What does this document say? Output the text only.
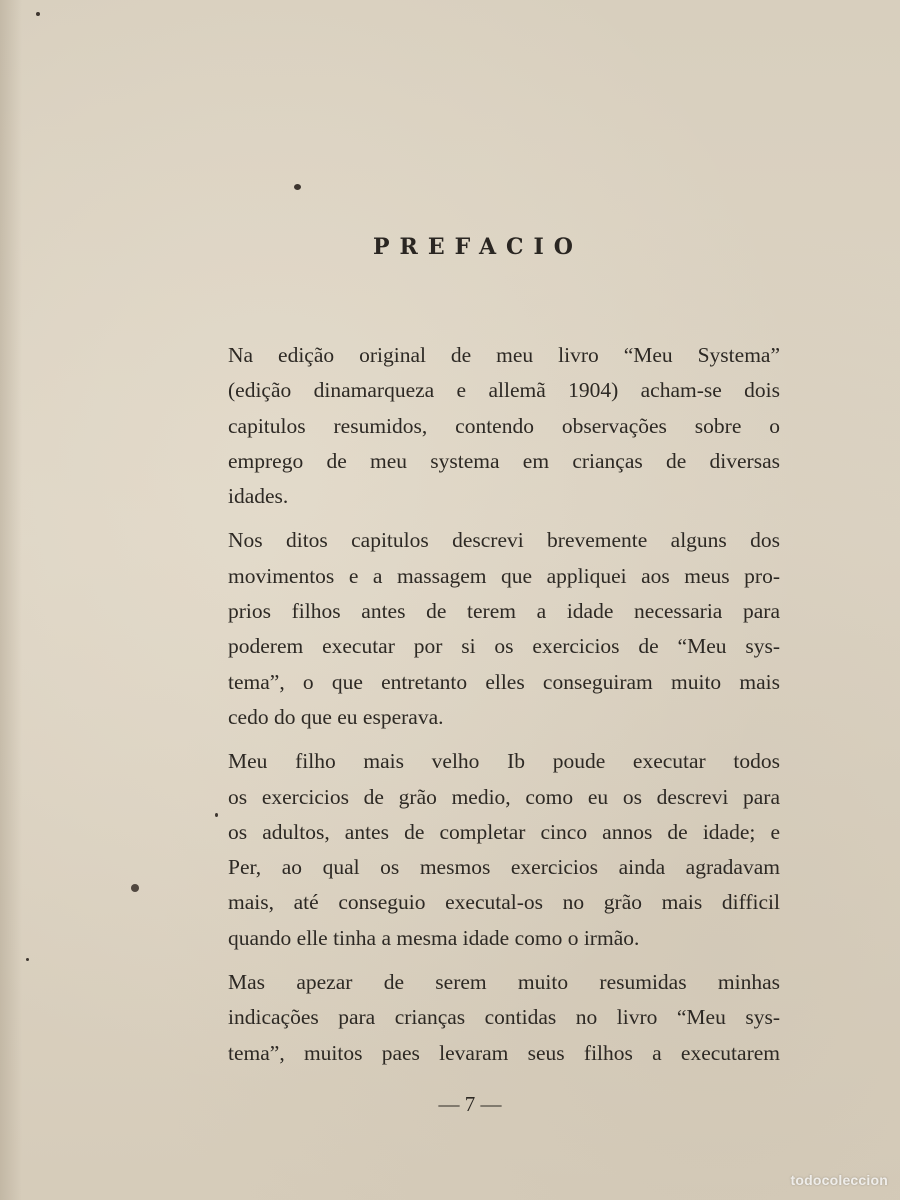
PREFACIO

Na edição original de meu livro “Meu Systema”
(edição dinamarqueza e allemã 1904) acham-se dois
capitulos resumidos, contendo observações sobre o
emprego de meu systema em crianças de diversas
idades.

Nos ditos capitulos descrevi brevemente alguns dos
movimentos e a massagem que appliquei aos meus pro-
prios filhos antes de terem a idade necessaria para
poderem executar por si os exercicios de “Meu sys-
tema”, o que entretanto elles conseguiram muito mais
cedo do que eu esperava.

Meu filho mais velho Ib poude executar todos
os exercicios de grão medio, como eu os descrevi para
os adultos, antes de completar cinco annos de idade; e
Per, ao qual os mesmos exercicios ainda agradavam
mais, até conseguio executal-os no grão mais difficil
quando elle tinha a mesma idade como o irmão.

Mas apezar de serem muito resumidas minhas
indicações para crianças contidas no livro “Meu sys-
tema”, muitos paes levaram seus filhos a executarem

— 7 —
todocoleccion
